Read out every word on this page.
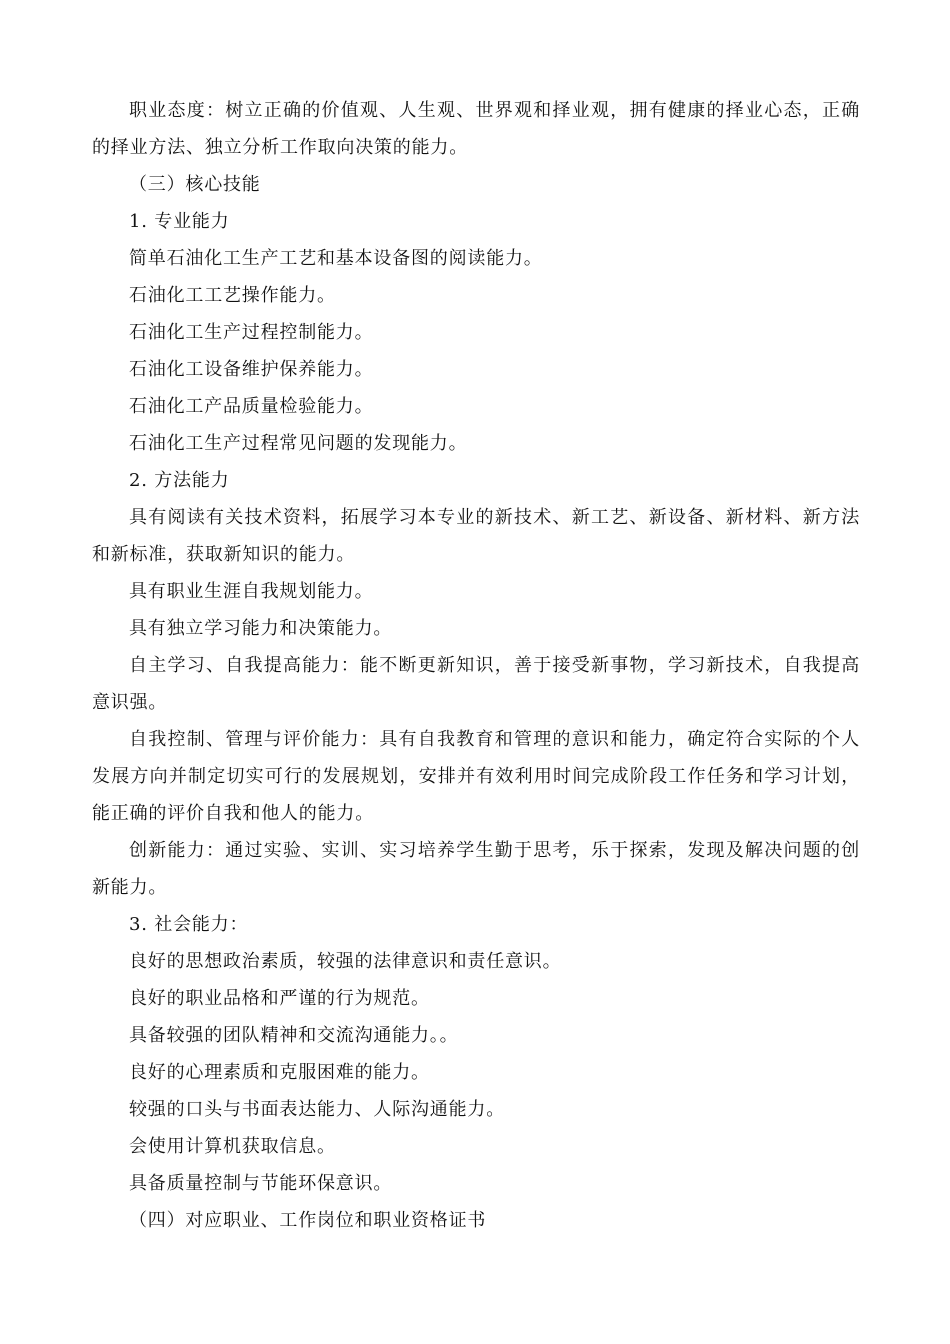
职业态度：树立正确的价值观、人生观、世界观和择业观，拥有健康的择业心态，正确的择业方法、独立分析工作取向决策的能力。

（三）核心技能

1. 专业能力

简单石油化工生产工艺和基本设备图的阅读能力。

石油化工工艺操作能力。

石油化工生产过程控制能力。

石油化工设备维护保养能力。

石油化工产品质量检验能力。

石油化工生产过程常见问题的发现能力。

2. 方法能力

具有阅读有关技术资料，拓展学习本专业的新技术、新工艺、新设备、新材料、新方法和新标准，获取新知识的能力。

具有职业生涯自我规划能力。

具有独立学习能力和决策能力。

自主学习、自我提高能力：能不断更新知识，善于接受新事物，学习新技术，自我提高意识强。

自我控制、管理与评价能力：具有自我教育和管理的意识和能力，确定符合实际的个人发展方向并制定切实可行的发展规划，安排并有效利用时间完成阶段工作任务和学习计划，能正确的评价自我和他人的能力。

创新能力：通过实验、实训、实习培养学生勤于思考，乐于探索，发现及解决问题的创新能力。

3. 社会能力：

良好的思想政治素质，较强的法律意识和责任意识。

良好的职业品格和严谨的行为规范。

具备较强的团队精神和交流沟通能力。。

良好的心理素质和克服困难的能力。

较强的口头与书面表达能力、人际沟通能力。

会使用计算机获取信息。

具备质量控制与节能环保意识。

（四）对应职业、工作岗位和职业资格证书
